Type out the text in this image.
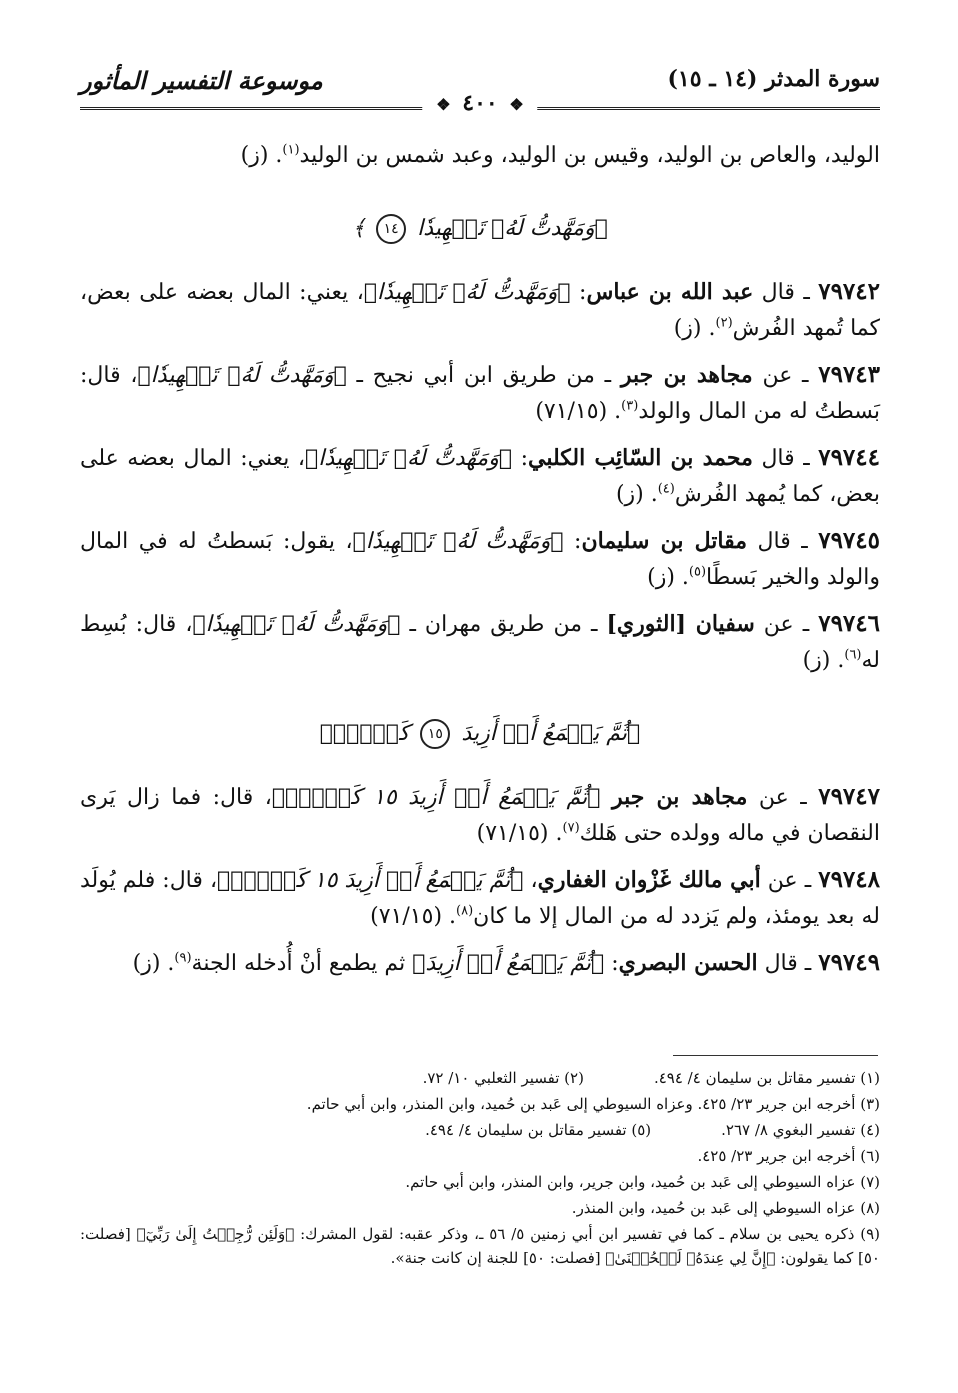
سورة المدثر (١٤ ـ ١٥)
موسوعة التفسير المأثور
❖ ٤٠٠ ❖

الوليد، والعاص بن الوليد، وقيس بن الوليد، وعبد شمس بن الوليد$^{(١)}$. (ز)

﴿وَمَهَّدتُّ لَهُۥ تَمۡهِيدٗا ١٤ ﴾

٧٩٧٤٢ ـ قال عبد الله بن عباس: ﴿وَمَهَّدتُّ لَهُۥ تَمۡهِيدٗا﴾، يعني: المال بعضه على بعض، كما تُمهد الفُرش$^{(٢)}$. (ز)

٧٩٧٤٣ ـ عن مجاهد بن جبر ـ من طريق ابن أبي نجيح ـ ﴿وَمَهَّدتُّ لَهُۥ تَمۡهِيدٗا﴾، قال: بَسطتُ له من المال والولد$^{(٣)}$. (٧١/١٥)

٧٩٧٤٤ ـ قال محمد بن السّائِب الكلبي: ﴿وَمَهَّدتُّ لَهُۥ تَمۡهِيدٗا﴾، يعني: المال بعضه على بعض، كما يُمهد الفُرش$^{(٤)}$. (ز)

٧٩٧٤٥ ـ قال مقاتل بن سليمان: ﴿وَمَهَّدتُّ لَهُۥ تَمۡهِيدٗا﴾، يقول: بَسطتُ له في المال والولد والخير بَسطًا$^{(٥)}$. (ز)

٧٩٧٤٦ ـ عن سفيان [الثوري] ـ من طريق مهران ـ ﴿وَمَهَّدتُّ لَهُۥ تَمۡهِيدٗا﴾، قال: بُسِط له$^{(٦)}$. (ز)

﴿ثُمَّ يَطۡمَعُ أَنۡ أَزِيدَ ١٥ كَلَّآۖ﴾

٧٩٧٤٧ ـ عن مجاهد بن جبر ﴿ثُمَّ يَطۡمَعُ أَنۡ أَزِيدَ ١٥ كَلَّآۖ﴾، قال: فما زال يَرى النقصان في ماله وولده حتى هَلك$^{(٧)}$. (٧١/١٥)

٧٩٧٤٨ ـ عن أبي مالك غَزْوان الغفاري، ﴿ثُمَّ يَطۡمَعُ أَنۡ أَزِيدَ ١٥ كَلَّآۖ﴾، قال: فلم يُولَد له بعد يومئذ، ولم يَزدد له من المال إلا ما كان$^{(٨)}$. (٧١/١٥)

٧٩٧٤٩ ـ قال الحسن البصري: ﴿ثُمَّ يَطۡمَعُ أَنۡ أَزِيدَ﴾ ثم يطمع أنْ أُدخله الجنة$^{(٩)}$. (ز)

(١) تفسير مقاتل بن سليمان ٤/ ٤٩٤.

(٢) تفسير الثعلبي ١٠/ ٧٢.

(٣) أخرجه ابن جرير ٢٣/ ٤٢٥. وعزاه السيوطي إلى عَبد بن حُميد، وابن المنذر، وابن أبي حاتم.

(٤) تفسير البغوي ٨/ ٢٦٧.

(٥) تفسير مقاتل بن سليمان ٤/ ٤٩٤.

(٦) أخرجه ابن جرير ٢٣/ ٤٢٥.

(٧) عزاه السيوطي إلى عَبد بن حُميد، وابن جرير، وابن المنذر، وابن أبي حاتم.

(٨) عزاه السيوطي إلى عَبد بن حُميد، وابن المنذر.

(٩) ذكره يحيى بن سلام ـ كما في تفسير ابن أبي زمنين ٥/ ٥٦ ـ، وذكر عقبه: لقول المشرك: ﴿وَلَئِن رُّجِعۡتُ إِلَىٰ رَبِّيٓ﴾ [فصلت: ٥٠] كما يقولون: ﴿إِنَّ لِي عِندَهُۥ لَلۡحُسۡنَىٰ﴾ [فصلت: ٥٠] للجنة إن كانت جنة».
